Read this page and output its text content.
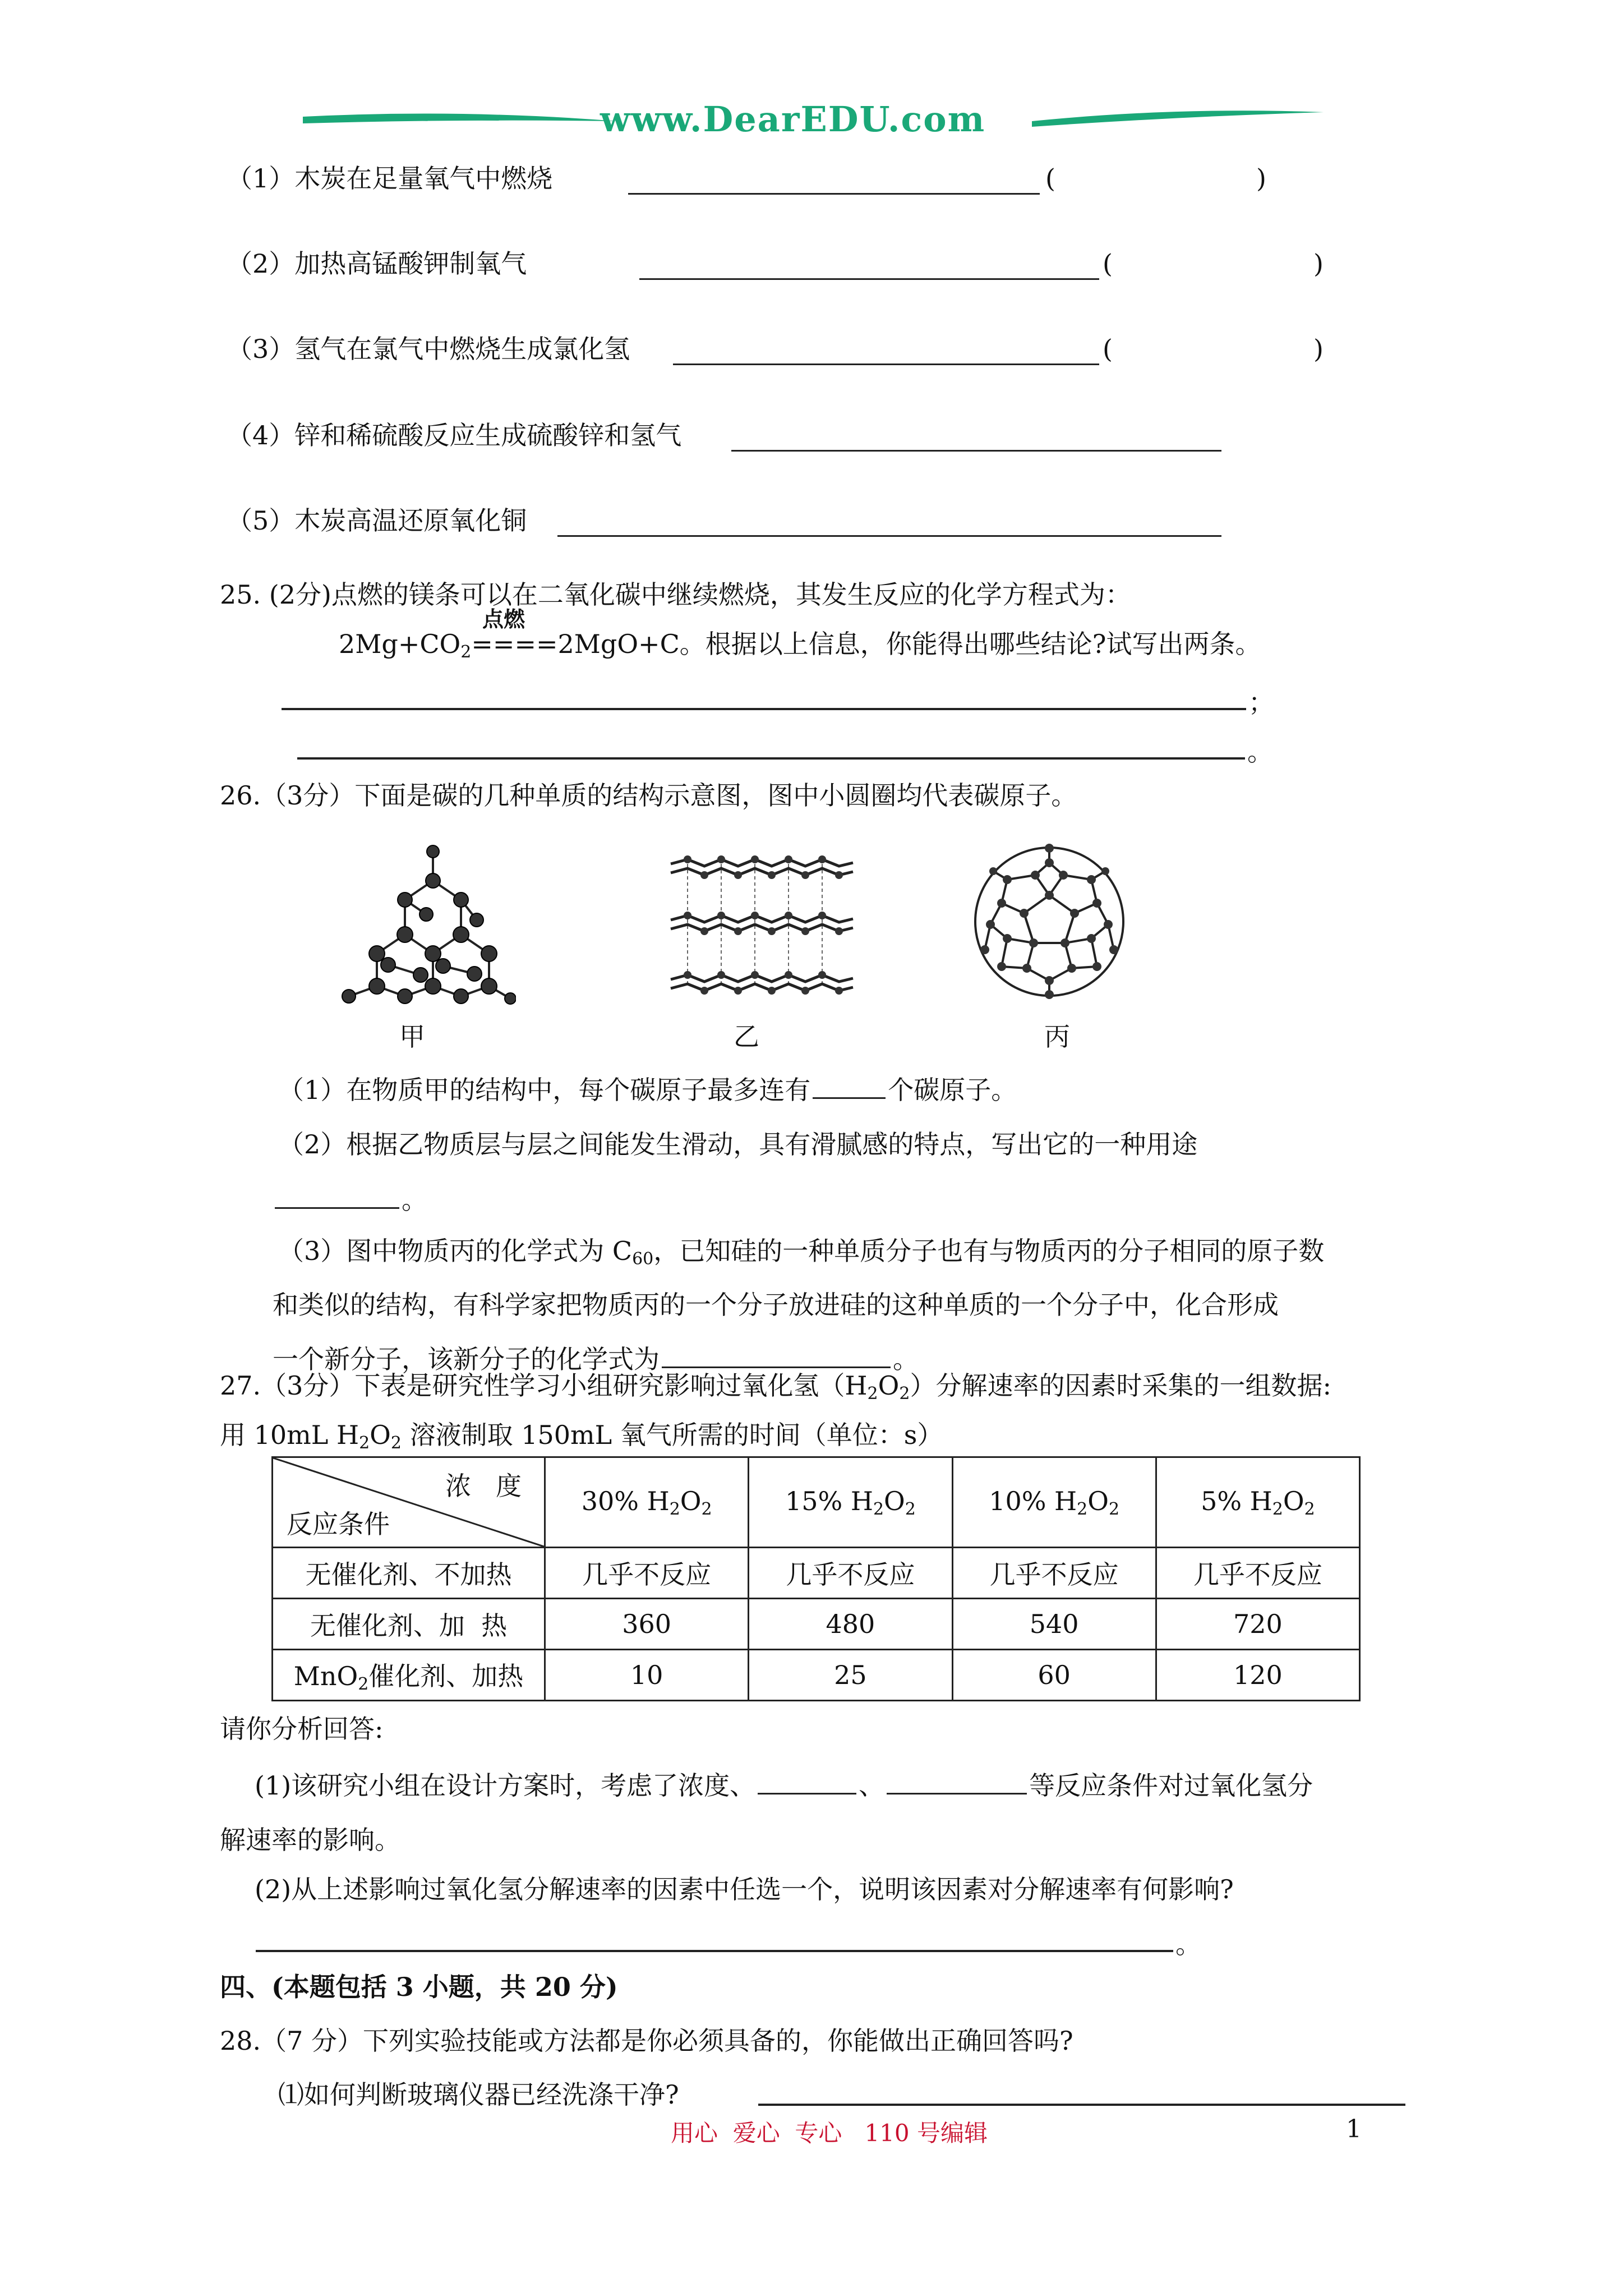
www.DearEDU.com
（1）木炭在足量氧气中燃烧	(	)
（2）加热高锰酸钾制氧气	(	)
（3）氢气在氯气中燃烧生成氯化氢	(	)
（4）锌和稀硫酸反应生成硫酸锌和氢气
（5）木炭高温还原氧化铜
25. (2分)点燃的镁条可以在二氧化碳中继续燃烧，其发生反应的化学方程式为：
点燃
$2Mg+CO_2====2MgO+C$。根据以上信息，你能得出哪些结论?试写出两条。
；
。
26.（3分）下面是碳的几种单质的结构示意图，图中小圆圈均代表碳原子。
甲	乙	丙
（1）在物质甲的结构中，每个碳原子最多连有	个碳原子。
（2）根据乙物质层与层之间能发生滑动，具有滑腻感的特点，写出它的一种用途
。
（3）图中物质丙的化学式为 $C_{60}$，已知硅的一种单质分子也有与物质丙的分子相同的原子数
和类似的结构，有科学家把物质丙的一个分子放进硅的这种单质的一个分子中，化合形成
一个新分子，该新分子的化学式为	。
27.（3分）下表是研究性学习小组研究影响过氧化氢$(H_2O_2)$分解速率的因素时采集的一组数据:
用 10mL $H_2O_2$ 溶液制取 150mL 氧气所需的时间（单位：s）
浓   度
反应条件	30% $H_2O_2$	15% $H_2O_2$	10% $H_2O_2$	5% $H_2O_2$
无催化剂、不加热	几乎不反应	几乎不反应	几乎不反应	几乎不反应
无催化剂、加  热	360	480	540	720
MnO$_2$催化剂、加热	10	25	60	120
请你分析回答:
(1)该研究小组在设计方案时，考虑了浓度、	、	等反应条件对过氧化氢分
解速率的影响。
(2)从上述影响过氧化氢分解速率的因素中任选一个，说明该因素对分解速率有何影响?
。
四、(本题包括 3 小题，共 20 分)
28.（7 分）下列实验技能或方法都是你必须具备的，你能做出正确回答吗?
⑴如何判断玻璃仪器已经洗涤干净?
用心  爱心  专心   110 号编辑	1
